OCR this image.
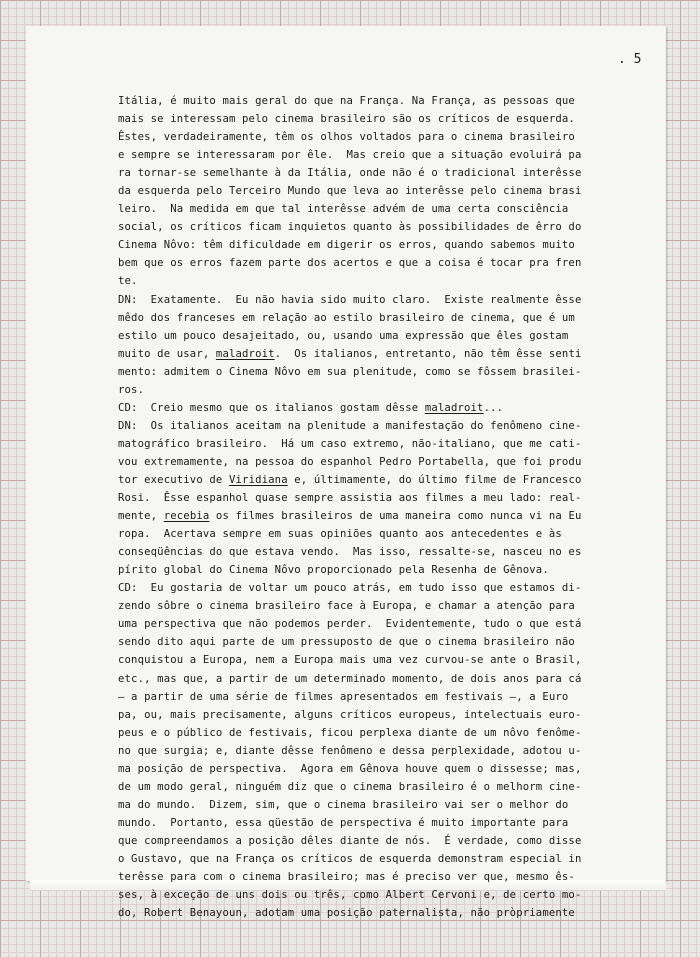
. 5
Itália, é muito mais geral do que na França. Na França, as pessoas que
mais se interessam pelo cinema brasileiro são os críticos de esquerda.
Êstes, verdadeiramente, têm os olhos voltados para o cinema brasileiro
e sempre se interessaram por êle.  Mas creio que a situação evoluirá pa
ra tornar-se semelhante à da Itália, onde não é o tradicional interêsse
da esquerda pelo Terceiro Mundo que leva ao interêsse pelo cinema brasi
leiro.  Na medida em que tal interêsse advém de uma certa consciência
social, os críticos ficam inquietos quanto às possibilidades de êrro do
Cinema Nôvo: têm dificuldade em digerir os erros, quando sabemos muito
bem que os erros fazem parte dos acertos e que a coisa é tocar pra fren
te.
DN:  Exatamente.  Eu não havia sido muito claro.  Existe realmente êsse
mêdo dos franceses em relação ao estilo brasileiro de cinema, que é um
estilo um pouco desajeitado, ou, usando uma expressão que êles gostam
muito de usar, maladroit.  Os italianos, entretanto, não têm êsse senti
mento: admitem o Cinema Nôvo em sua plenitude, como se fôssem brasilei-
ros.
CD:  Creio mesmo que os italianos gostam dêsse maladroit...
DN:  Os italianos aceitam na plenitude a manifestação do fenômeno cine-
matográfico brasileiro.  Há um caso extremo, não-italiano, que me cati-
vou extremamente, na pessoa do espanhol Pedro Portabella, que foi produ
tor executivo de Viridiana e, últimamente, do último filme de Francesco
Rosi.  Êsse espanhol quase sempre assistia aos filmes a meu lado: real-
mente, recebia os filmes brasileiros de uma maneira como nunca vi na Eu
ropa.  Acertava sempre em suas opiniões quanto aos antecedentes e às
conseqüências do que estava vendo.  Mas isso, ressalte-se, nasceu no es
pírito global do Cinema Nôvo proporcionado pela Resenha de Gênova.
CD:  Eu gostaria de voltar um pouco atrás, em tudo isso que estamos di-
zendo sôbre o cinema brasileiro face à Europa, e chamar a atenção para
uma perspectiva que não podemos perder.  Evidentemente, tudo o que está
sendo dito aqui parte de um pressuposto de que o cinema brasileiro não
conquistou a Europa, nem a Europa mais uma vez curvou-se ante o Brasil,
etc., mas que, a partir de um determinado momento, de dois anos para cá
— a partir de uma série de filmes apresentados em festivais —, a Euro
pa, ou, mais precisamente, alguns críticos europeus, intelectuais euro-
peus e o público de festivais, ficou perplexa diante de um nôvo fenôme-
no que surgia; e, diante dêsse fenômeno e dessa perplexidade, adotou u-
ma posição de perspectiva.  Agora em Gênova houve quem o dissesse; mas,
de um modo geral, ninguém diz que o cinema brasileiro é o melhorm cine-
ma do mundo.  Dizem, sim, que o cinema brasileiro vai ser o melhor do
mundo.  Portanto, essa qüestão de perspectiva é muito importante para
que compreendamos a posição dêles diante de nós.  É verdade, como disse
o Gustavo, que na França os críticos de esquerda demonstram especial in
terêsse para com o cinema brasileiro; mas é preciso ver que, mesmo ês-
ses, à exceção de uns dois ou três, como Albert Cervoni e, de certo mo-
do, Robert Benayoun, adotam uma posição paternalista, não pròpriamente
